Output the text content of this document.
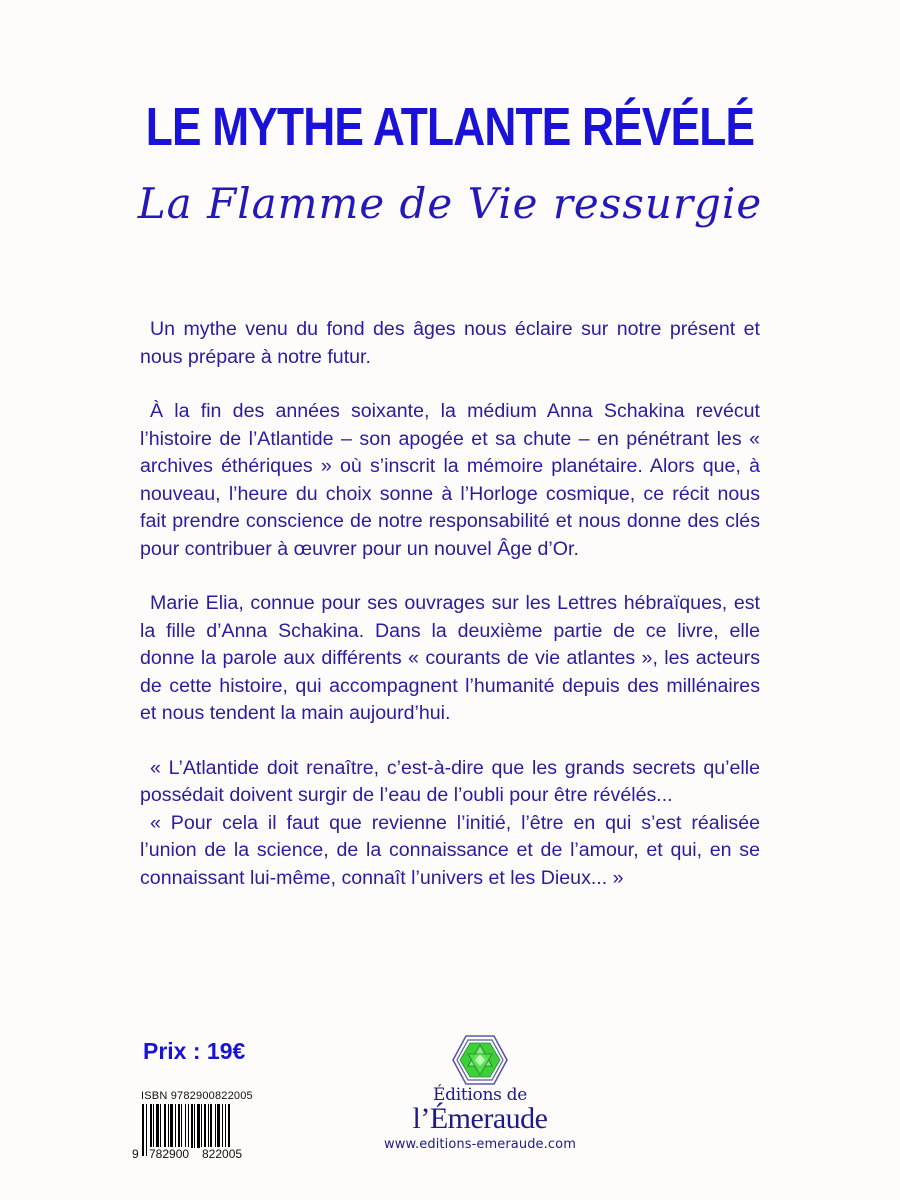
LE MYTHE ATLANTE RÉVÉLÉ
La Flamme de Vie ressurgie

Un mythe venu du fond des âges nous éclaire sur notre présent et nous prépare à notre futur.

À la fin des années soixante, la médium Anna Schakina revécut l’histoire de l’Atlantide – son apogée et sa chute – en pénétrant les « archives éthériques » où s’inscrit la mémoire planétaire. Alors que, à nouveau, l’heure du choix sonne à l’Horloge cosmique, ce récit nous fait prendre conscience de notre responsabilité et nous donne des clés pour contribuer à œuvrer pour un nouvel Âge d’Or.

Marie Elia, connue pour ses ouvrages sur les Lettres hébraïques, est la fille d’Anna Schakina. Dans la deuxième partie de ce livre, elle donne la parole aux différents « courants de vie atlantes », les acteurs de cette histoire, qui accompagnent l’humanité depuis des millénaires et nous tendent la main aujourd’hui.

« L’Atlantide doit renaître, c’est-à-dire que les grands secrets qu’elle possédait doivent surgir de l’eau de l’oubli pour être révélés...

« Pour cela il faut que revienne l’initié, l’être en qui s’est réalisée l’union de la science, de la connaissance et de l’amour, et qui, en se connaissant lui-même, connaît l’univers et les Dieux... »

Prix : 19€
ISBN 9782900822005
9 782900 822005
Éditions de
l’Émeraude
www.editions-emeraude.com
